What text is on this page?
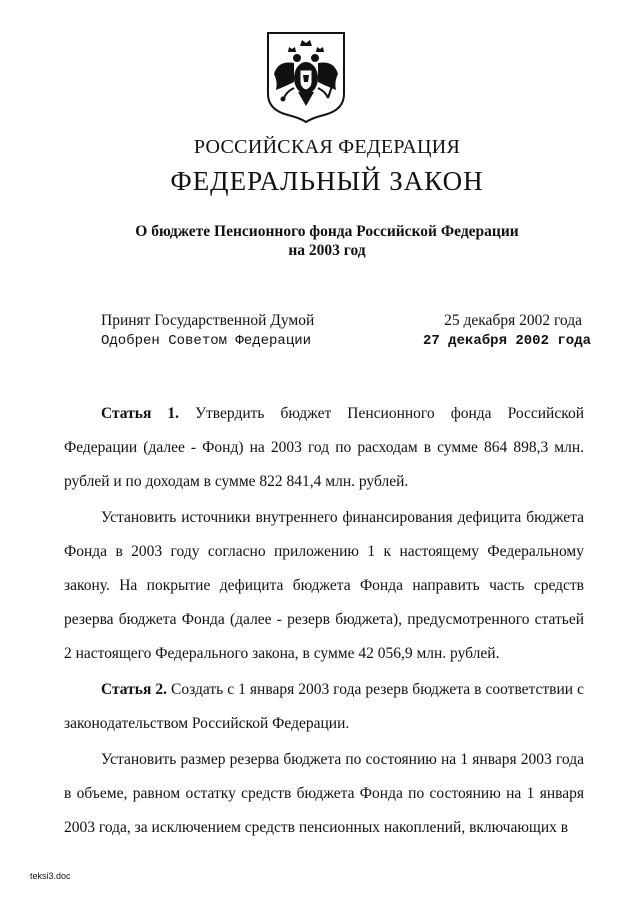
РОССИЙСКАЯ ФЕДЕРАЦИЯ
ФЕДЕРАЛЬНЫЙ ЗАКОН
О бюджете Пенсионного фонда Российской Федерации
на 2003 год
Принят Государственной Думой	25 декабря 2002 года
Одобрен Советом Федерации	27 декабря 2002 года

Статья 1. Утвердить бюджет Пенсионного фонда Российской Федерации (далее - Фонд) на 2003 год по расходам в сумме 864 898,3 млн. рублей и по доходам в сумме 822 841,4 млн. рублей.

Установить источники внутреннего финансирования дефицита бюджета Фонда в 2003 году согласно приложению 1 к настоящему Федеральному закону. На покрытие дефицита бюджета Фонда направить часть средств резерва бюджета Фонда (далее - резерв бюджета), предусмотренного статьей 2 настоящего Федерального закона, в сумме 42 056,9 млн. рублей.

Статья 2. Создать с 1 января 2003 года резерв бюджета в соответствии с законодательством Российской Федерации.

Установить размер резерва бюджета по состоянию на 1 января 2003 года в объеме, равном остатку средств бюджета Фонда по состоянию на 1 января 2003 года, за исключением средств пенсионных накоплений, включающих в

teksi3.doc
